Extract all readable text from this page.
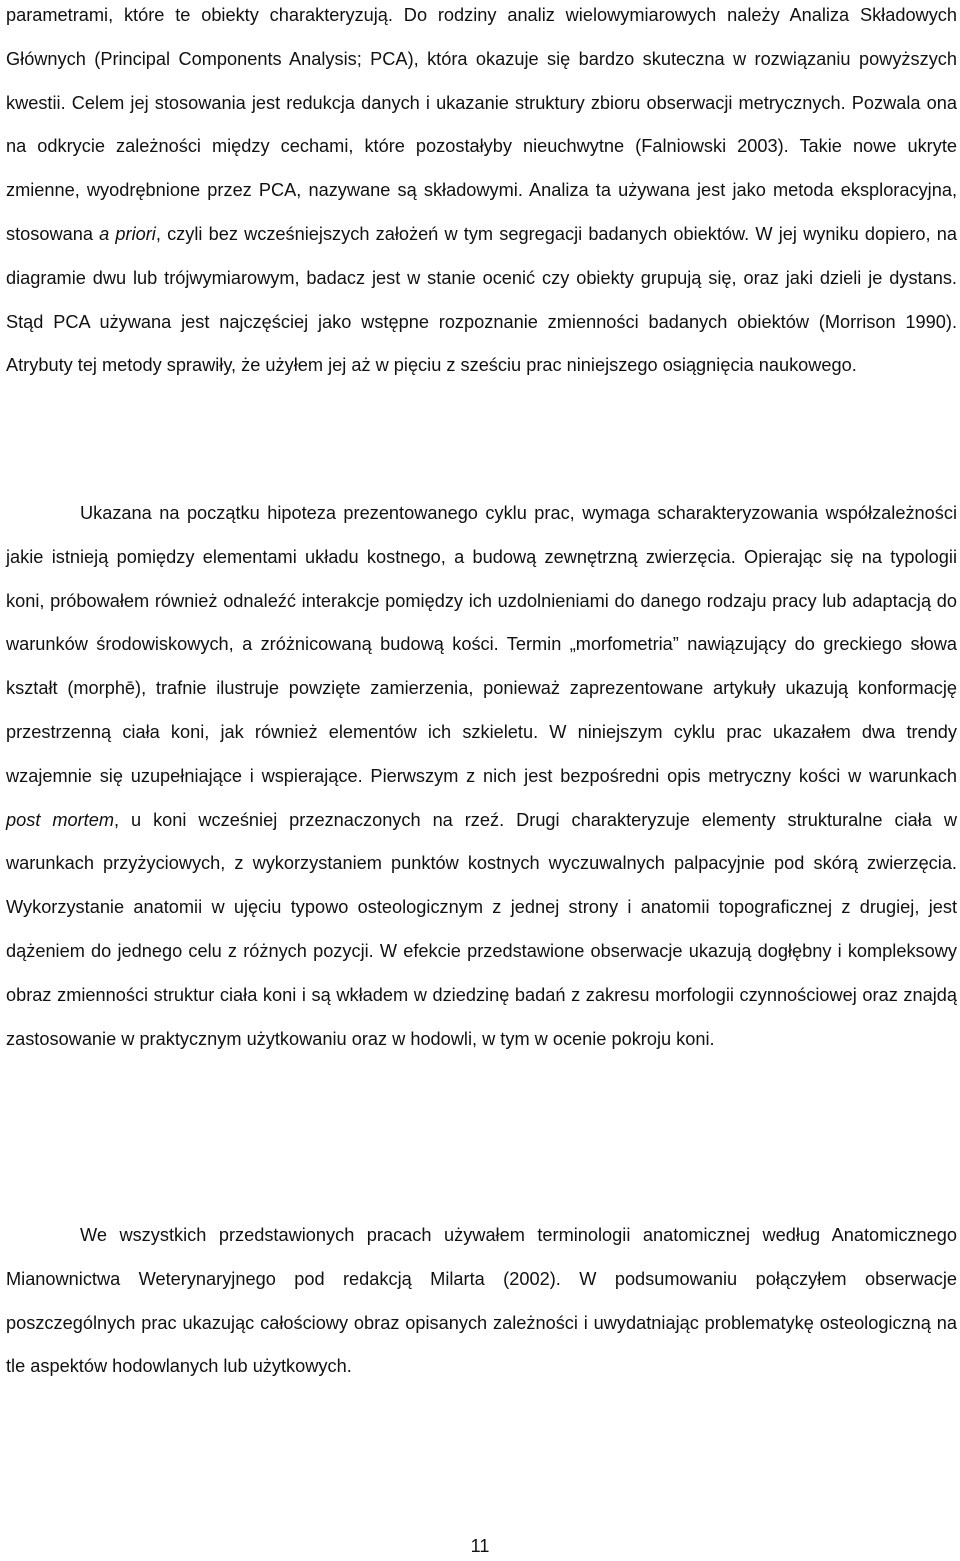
parametrami, które te obiekty charakteryzują. Do rodziny analiz wielowymiarowych należy Analiza Składowych Głównych (Principal Components Analysis; PCA), która okazuje się bardzo skuteczna w rozwiązaniu powyższych kwestii. Celem jej stosowania jest redukcja danych i ukazanie struktury zbioru obserwacji metrycznych. Pozwala ona na odkrycie zależności między cechami, które pozostałyby nieuchwytne (Falniowski 2003). Takie nowe ukryte zmienne, wyodrębnione przez PCA, nazywane są składowymi. Analiza ta używana jest jako metoda eksploracyjna, stosowana a priori, czyli bez wcześniejszych założeń w tym segregacji badanych obiektów. W jej wyniku dopiero, na diagramie dwu lub trójwymiarowym, badacz jest w stanie ocenić czy obiekty grupują się, oraz jaki dzieli je dystans. Stąd PCA używana jest najczęściej jako wstępne rozpoznanie zmienności badanych obiektów (Morrison 1990). Atrybuty tej metody sprawiły, że użyłem jej aż w pięciu z sześciu prac niniejszego osiągnięcia naukowego.

Ukazana na początku hipoteza prezentowanego cyklu prac, wymaga scharakteryzowania współzależności jakie istnieją pomiędzy elementami układu kostnego, a budową zewnętrzną zwierzęcia. Opierając się na typologii koni, próbowałem również odnaleźć interakcje pomiędzy ich uzdolnieniami do danego rodzaju pracy lub adaptacją do warunków środowiskowych, a zróżnicowaną budową kości. Termin „morfometria” nawiązujący do greckiego słowa kształt (morphē), trafnie ilustruje powzięte zamierzenia, ponieważ zaprezentowane artykuły ukazują konformację przestrzenną ciała koni, jak również elementów ich szkieletu. W niniejszym cyklu prac ukazałem dwa trendy wzajemnie się uzupełniające i wspierające. Pierwszym z nich jest bezpośredni opis metryczny kości w warunkach post mortem, u koni wcześniej przeznaczonych na rzeź. Drugi charakteryzuje elementy strukturalne ciała w warunkach przyżyciowych, z wykorzystaniem punktów kostnych wyczuwalnych palpacyjnie pod skórą zwierzęcia. Wykorzystanie anatomii w ujęciu typowo osteologicznym z jednej strony i anatomii topograficznej z drugiej, jest dążeniem do jednego celu z różnych pozycji. W efekcie przedstawione obserwacje ukazują dogłębny i kompleksowy obraz zmienności struktur ciała koni i są wkładem w dziedzinę badań z zakresu morfologii czynnościowej oraz znajdą zastosowanie w praktycznym użytkowaniu oraz w hodowli, w tym w ocenie pokroju koni.

We wszystkich przedstawionych pracach używałem terminologii anatomicznej według Anatomicznego Mianownictwa Weterynaryjnego pod redakcją Milarta (2002). W podsumowaniu połączyłem obserwacje poszczególnych prac ukazując całościowy obraz opisanych zależności i uwydatniając problematykę osteologiczną na tle aspektów hodowlanych lub użytkowych.

11
